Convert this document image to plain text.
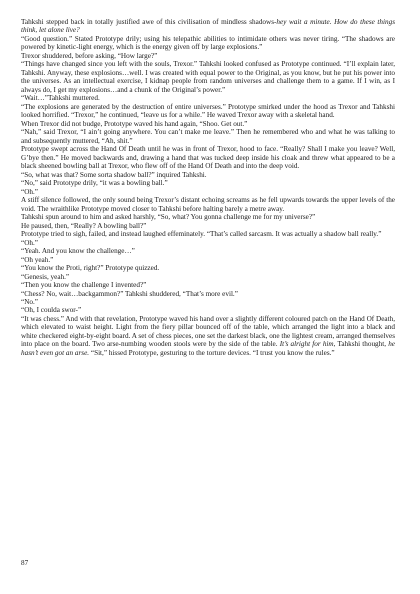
Tahkshi stepped back in totally justified awe of this civilisation of mindless shadows-hey wait a minute. How do these things think, let alone live?

“Good question.” Stated Prototype drily; using his telepathic abilities to intimidate others was never tiring. “The shadows are powered by kinetic-light energy, which is the energy given off by large explosions.”

Trexor shuddered, before asking, “How large?”

“Things have changed since you left with the souls, Trexor.” Tahkshi looked confused as Prototype continued. “I’ll explain later, Tahkshi. Anyway, these explosions…well. I was created with equal power to the Original, as you know, but he put his power into the universes. As an intellectual exercise, I kidnap people from random universes and challenge them to a game. If I win, as I always do, I get my explosions…and a chunk of the Original’s power.”

“Wait…”Tahkshi muttered.

“The explosions are generated by the destruction of entire universes.” Prototype smirked under the hood as Trexor and Tahkshi looked horrified. “Trexor,” he continued, “leave us for a while.” He waved Trexor away with a skeletal hand.

When Trexor did not budge, Prototype waved his hand again, “Shoo. Get out.”

“Nah,” said Trexor, “I ain’t going anywhere. You can’t make me leave.” Then he remembered who and what he was talking to and subsequently muttered, “Ah, shit.”

Prototype swept across the Hand Of Death until he was in front of Trexor, hood to face. “Really? Shall I make you leave? Well, G’bye then.” He moved backwards and, drawing a hand that was tucked deep inside his cloak and threw what appeared to be a black sheened bowling ball at Trexor, who flew off of the Hand Of Death and into the deep void.

“So, what was that? Some sorta shadow ball?” inquired Tahkshi.

“No,” said Prototype drily, “it was a bowling ball.”

“Oh.”

A stiff silence followed, the only sound being Trexor’s distant echoing screams as he fell upwards towards the upper levels of the void. The wraithlike Prototype moved closer to Tahkshi before halting barely a metre away.

Tahkshi spun around to him and asked harshly, “So, what? You gonna challenge me for my universe?”

He paused, then, “Really? A bowling ball?”

Prototype tried to sigh, failed, and instead laughed effeminately. “That’s called sarcasm. It was actually a shadow ball really.”

“Oh.”

“Yeah. And you know the challenge…”

“Oh yeah.”

“You know the Proti, right?” Prototype quizzed.

“Genesis, yeah.”

“Then you know the challenge I invented?”

“Chess? No, wait…backgammon?” Tahkshi shuddered, “That’s more evil.”

“No.”

“Oh, I coulda swor-”

“It was chess.” And with that revelation, Prototype waved his hand over a slightly different coloured patch on the Hand Of Death, which elevated to waist height. Light from the fiery pillar bounced off of the table, which arranged the light into a black and white checkered eight-by-eight board. A set of chess pieces, one set the darkest black, one the lightest cream, arranged themselves into place on the board. Two arse-numbing wooden stools were by the side of the table. It’s alright for him, Tahkshi thought, he hasn’t even got an arse. “Sit,” hissed Prototype, gesturing to the torture devices. “I trust you know the rules.”

87
